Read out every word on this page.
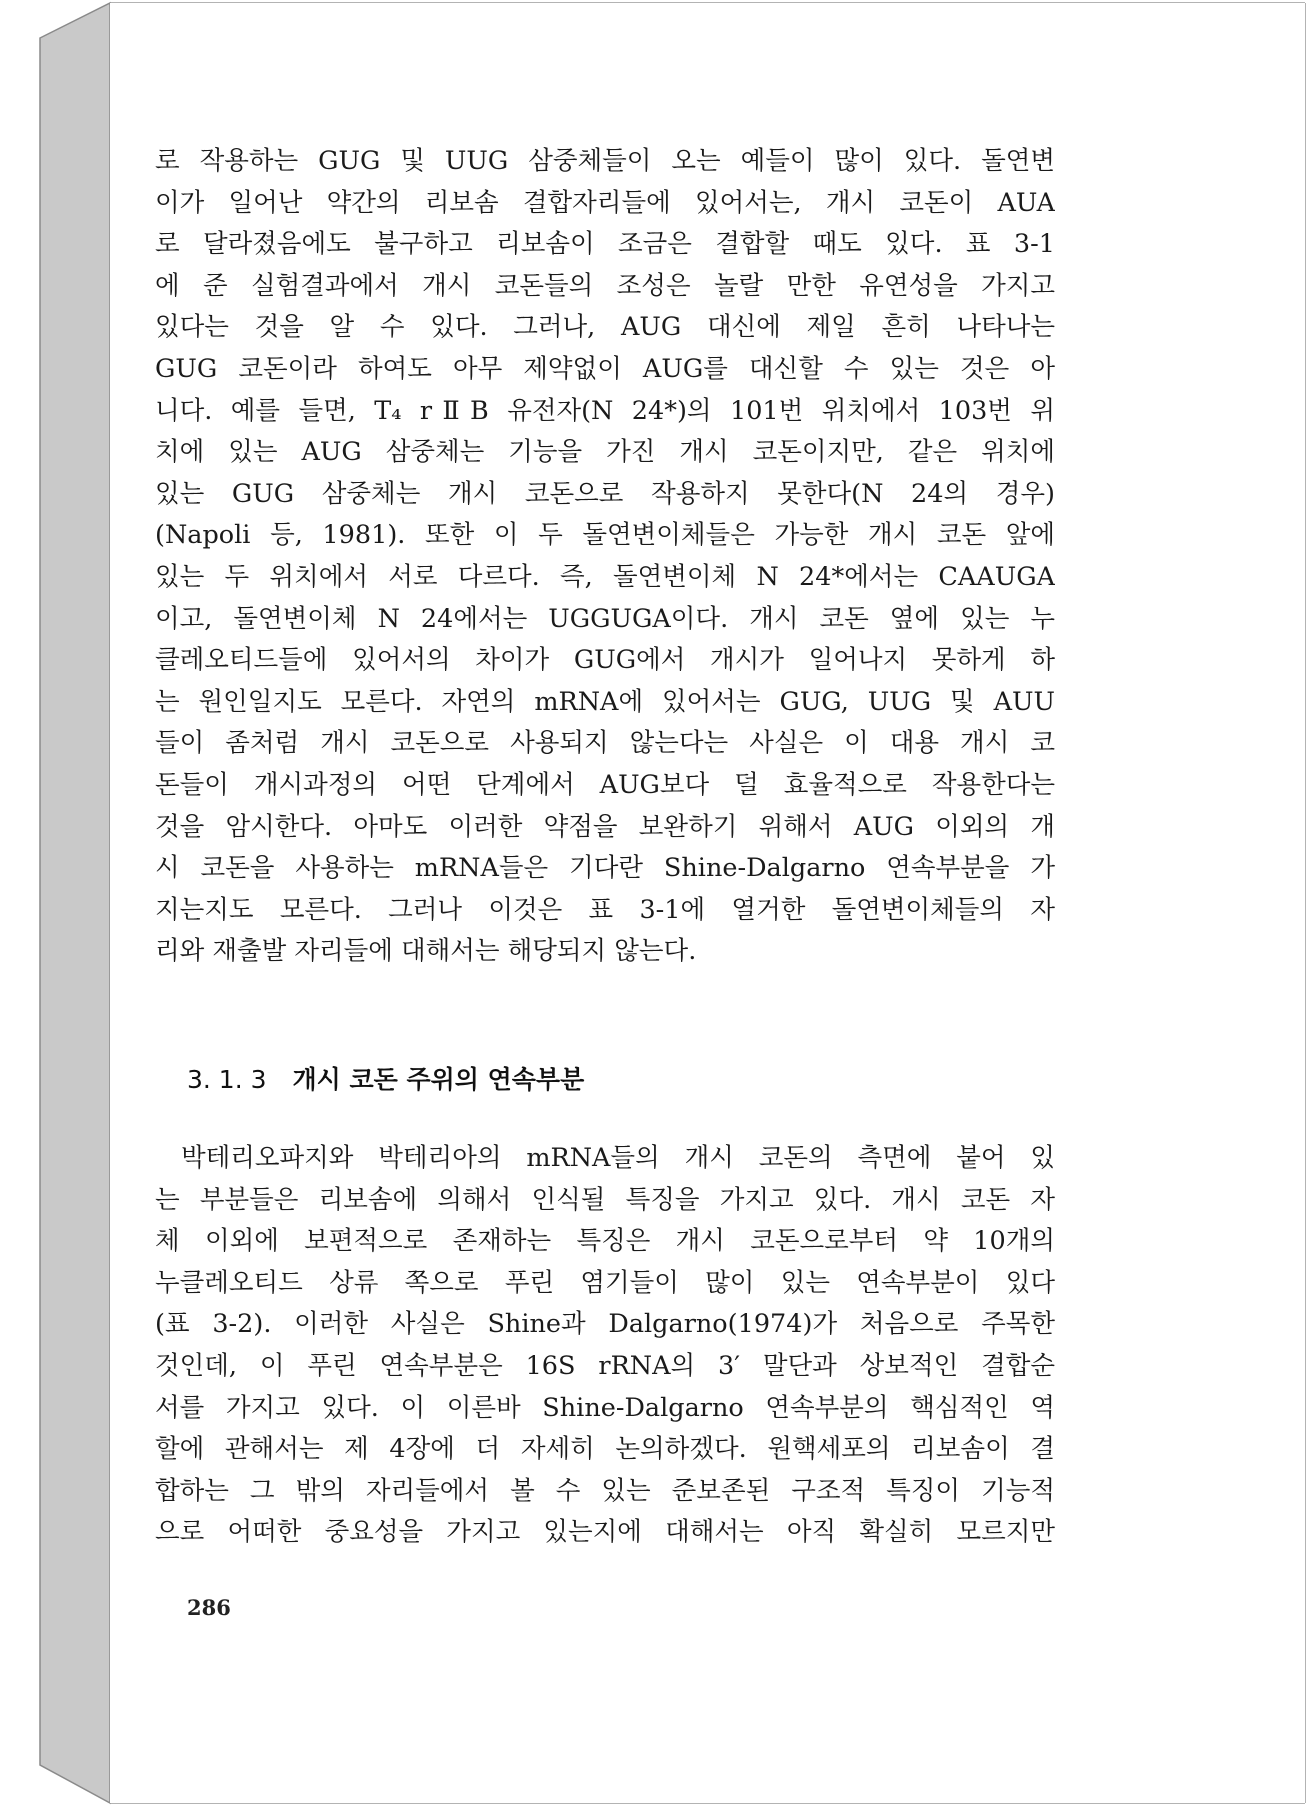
로 작용하는 GUG 및 UUG 삼중체들이 오는 예들이 많이 있다. 돌연변
이가 일어난 약간의 리보솜 결합자리들에 있어서는, 개시 코돈이 AUA
로 달라졌음에도 불구하고 리보솜이 조금은 결합할 때도 있다. 표 3-1
에 준 실험결과에서 개시 코돈들의 조성은 놀랄 만한 유연성을 가지고
있다는 것을 알 수 있다. 그러나, AUG 대신에 제일 흔히 나타나는
GUG 코돈이라 하여도 아무 제약없이 AUG를 대신할 수 있는 것은 아
니다. 예를 들면, T₄ rⅡB 유전자(N 24*)의 101번 위치에서 103번 위
치에 있는 AUG 삼중체는 기능을 가진 개시 코돈이지만, 같은 위치에
있는 GUG 삼중체는 개시 코돈으로 작용하지 못한다(N 24의 경우)
(Napoli 등, 1981). 또한 이 두 돌연변이체들은 가능한 개시 코돈 앞에
있는 두 위치에서 서로 다르다. 즉, 돌연변이체 N 24*에서는 CAAUGA
이고, 돌연변이체 N 24에서는 UGGUGA이다. 개시 코돈 옆에 있는 누
클레오티드들에 있어서의 차이가 GUG에서 개시가 일어나지 못하게 하
는 원인일지도 모른다. 자연의 mRNA에 있어서는 GUG, UUG 및 AUU
들이 좀처럼 개시 코돈으로 사용되지 않는다는 사실은 이 대용 개시 코
돈들이 개시과정의 어떤 단계에서 AUG보다 덜 효율적으로 작용한다는
것을 암시한다. 아마도 이러한 약점을 보완하기 위해서 AUG 이외의 개
시 코돈을 사용하는 mRNA들은 기다란 Shine-Dalgarno 연속부분을 가
지는지도 모른다. 그러나 이것은 표 3-1에 열거한 돌연변이체들의 자
리와 재출발 자리들에 대해서는 해당되지 않는다.
3. 1. 3 개시 코돈 주위의 연속부분
박테리오파지와 박테리아의 mRNA들의 개시 코돈의 측면에 붙어 있
는 부분들은 리보솜에 의해서 인식될 특징을 가지고 있다. 개시 코돈 자
체 이외에 보편적으로 존재하는 특징은 개시 코돈으로부터 약 10개의
누클레오티드 상류 쪽으로 푸린 염기들이 많이 있는 연속부분이 있다
(표 3-2). 이러한 사실은 Shine과 Dalgarno(1974)가 처음으로 주목한
것인데, 이 푸린 연속부분은 16S rRNA의 3′ 말단과 상보적인 결합순
서를 가지고 있다. 이 이른바 Shine-Dalgarno 연속부분의 핵심적인 역
할에 관해서는 제 4장에 더 자세히 논의하겠다. 원핵세포의 리보솜이 결
합하는 그 밖의 자리들에서 볼 수 있는 준보존된 구조적 특징이 기능적
으로 어떠한 중요성을 가지고 있는지에 대해서는 아직 확실히 모르지만
286
